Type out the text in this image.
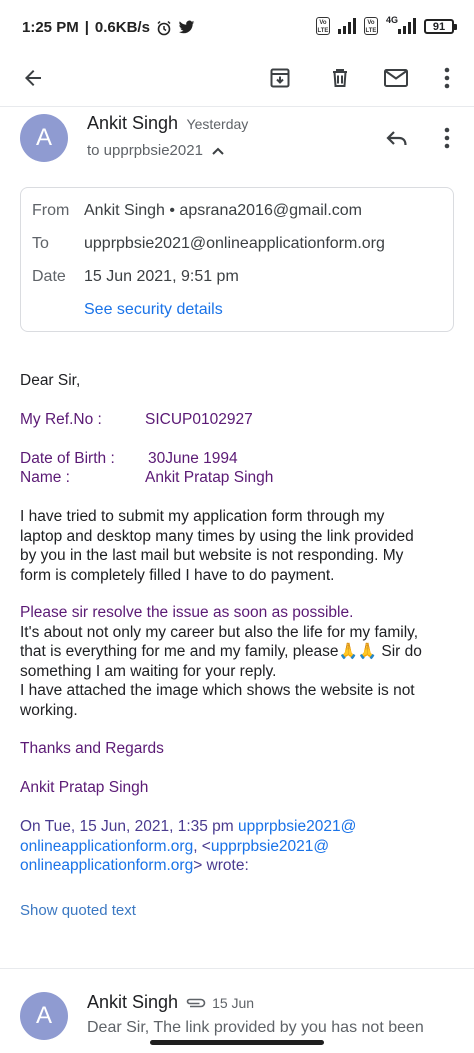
1:25 PM | 0.6KB/s	Vo
LTE
Vo
LTE
4G
91
A
Ankit Singh Yesterday
to upprpbsie2021
From Ankit Singh • apsrana2016@gmail.com
To upprpbsie2021@onlineapplicationform.org
Date 15 Jun 2021, 9:51 pm
See security details
Dear Sir,
My Ref.No :	SICUP0102927
Date of Birth : 30June 1994
Name :	Ankit Pratap Singh
I have tried to submit my application form through my
laptop and desktop many times by using the link provided
by you in the last mail but website is not responding. My
form is completely filled I have to do payment.
Please sir resolve the issue as soon as possible.
It's about not only my career but also the life for my family,
that is everything for me and my family, please🙏🙏 Sir do
something I am waiting for your reply.
I have attached the image which shows the website is not
working.
Thanks and Regards
Ankit Pratap Singh
On Tue, 15 Jun, 2021, 1:35 pm upprpbsie2021@
onlineapplicationform.org, <upprpbsie2021@
onlineapplicationform.org> wrote:
Show quoted text
A	Ankit Singh 15 Jun
Dear Sir, The link provided by you has not been
